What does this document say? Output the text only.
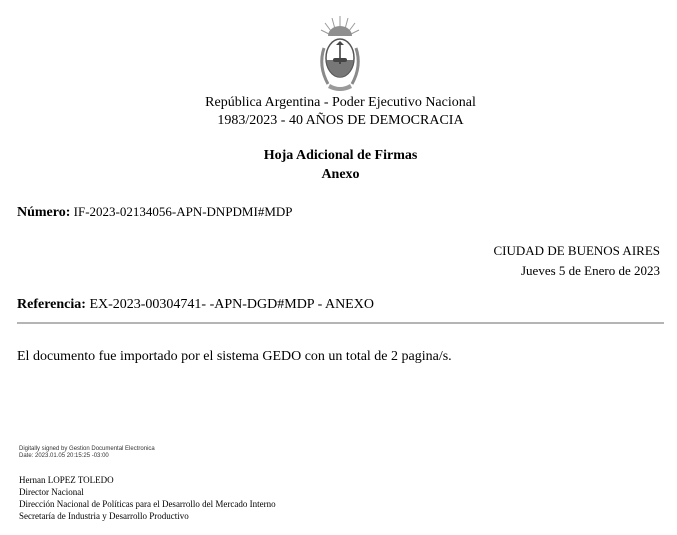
República Argentina - Poder Ejecutivo Nacional
1983/2023 - 40 AÑOS DE DEMOCRACIA
Hoja Adicional de Firmas
Anexo
Número: IF-2023-02134056-APN-DNPDMI#MDP
CIUDAD DE BUENOS AIRES
Jueves 5 de Enero de 2023
Referencia: EX-2023-00304741- -APN-DGD#MDP - ANEXO
El documento fue importado por el sistema GEDO con un total de 2 pagina/s.
Digitally signed by Gestion Documental Electronica
Date: 2023.01.05 20:15:25 -03:00
Hernan LOPEZ TOLEDO
Director Nacional
Dirección Nacional de Políticas para el Desarrollo del Mercado Interno
Secretaría de Industria y Desarrollo Productivo
